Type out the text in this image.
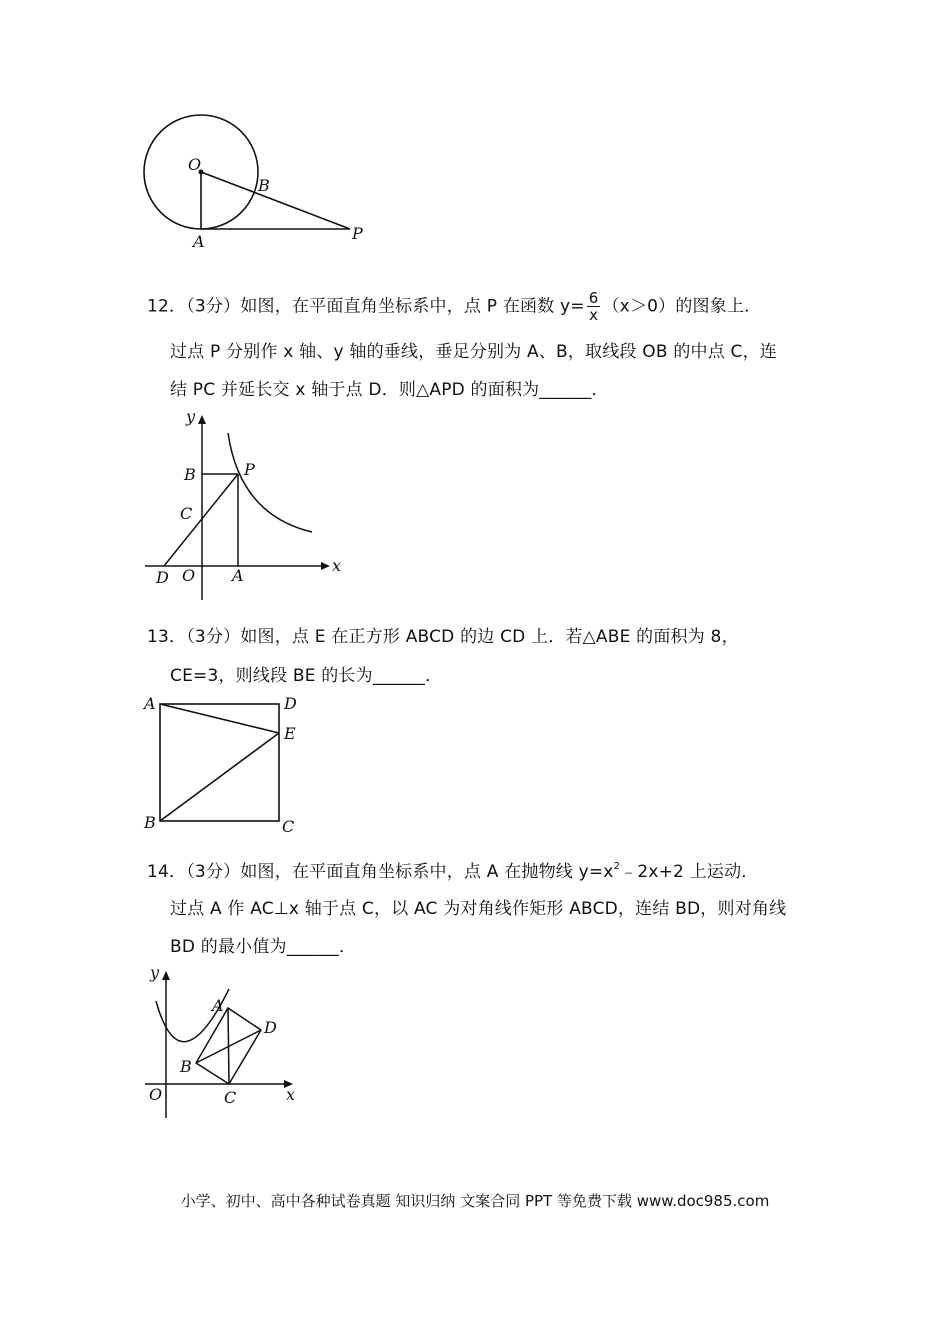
O
B
A	P
12．（3分）如图，在平面直角坐标系中，点 P 在函数 $y= \frac{6}{x} (x>0)$的图象上．
过点 P 分别作 x 轴、y 轴的垂线，垂足分别为 A、B，取线段 OB 的中点 C，连
结 PC 并延长交 x 轴于点 D．则△APD 的面积为______．
y
x
B	P
C
D O A
13．（3分）如图，点 E 在正方形 ABCD 的边 CD 上．若△ABE 的面积为 8，
CE=3，则线段 BE 的长为______．
A	D
E
B	C
14．（3分）如图，在平面直角坐标系中，点 A 在抛物线 $y=x^2﹣2x+2$ 上运动．
过点 A 作 AC⊥x 轴于点 C，以 AC 为对角线作矩形 ABCD，连结 BD，则对角线
BD 的最小值为______．
y
A
D
B
O	C	x
小学、初中、高中各种试卷真题 知识归纳 文案合同 PPT 等免费下载 www.doc985.com
